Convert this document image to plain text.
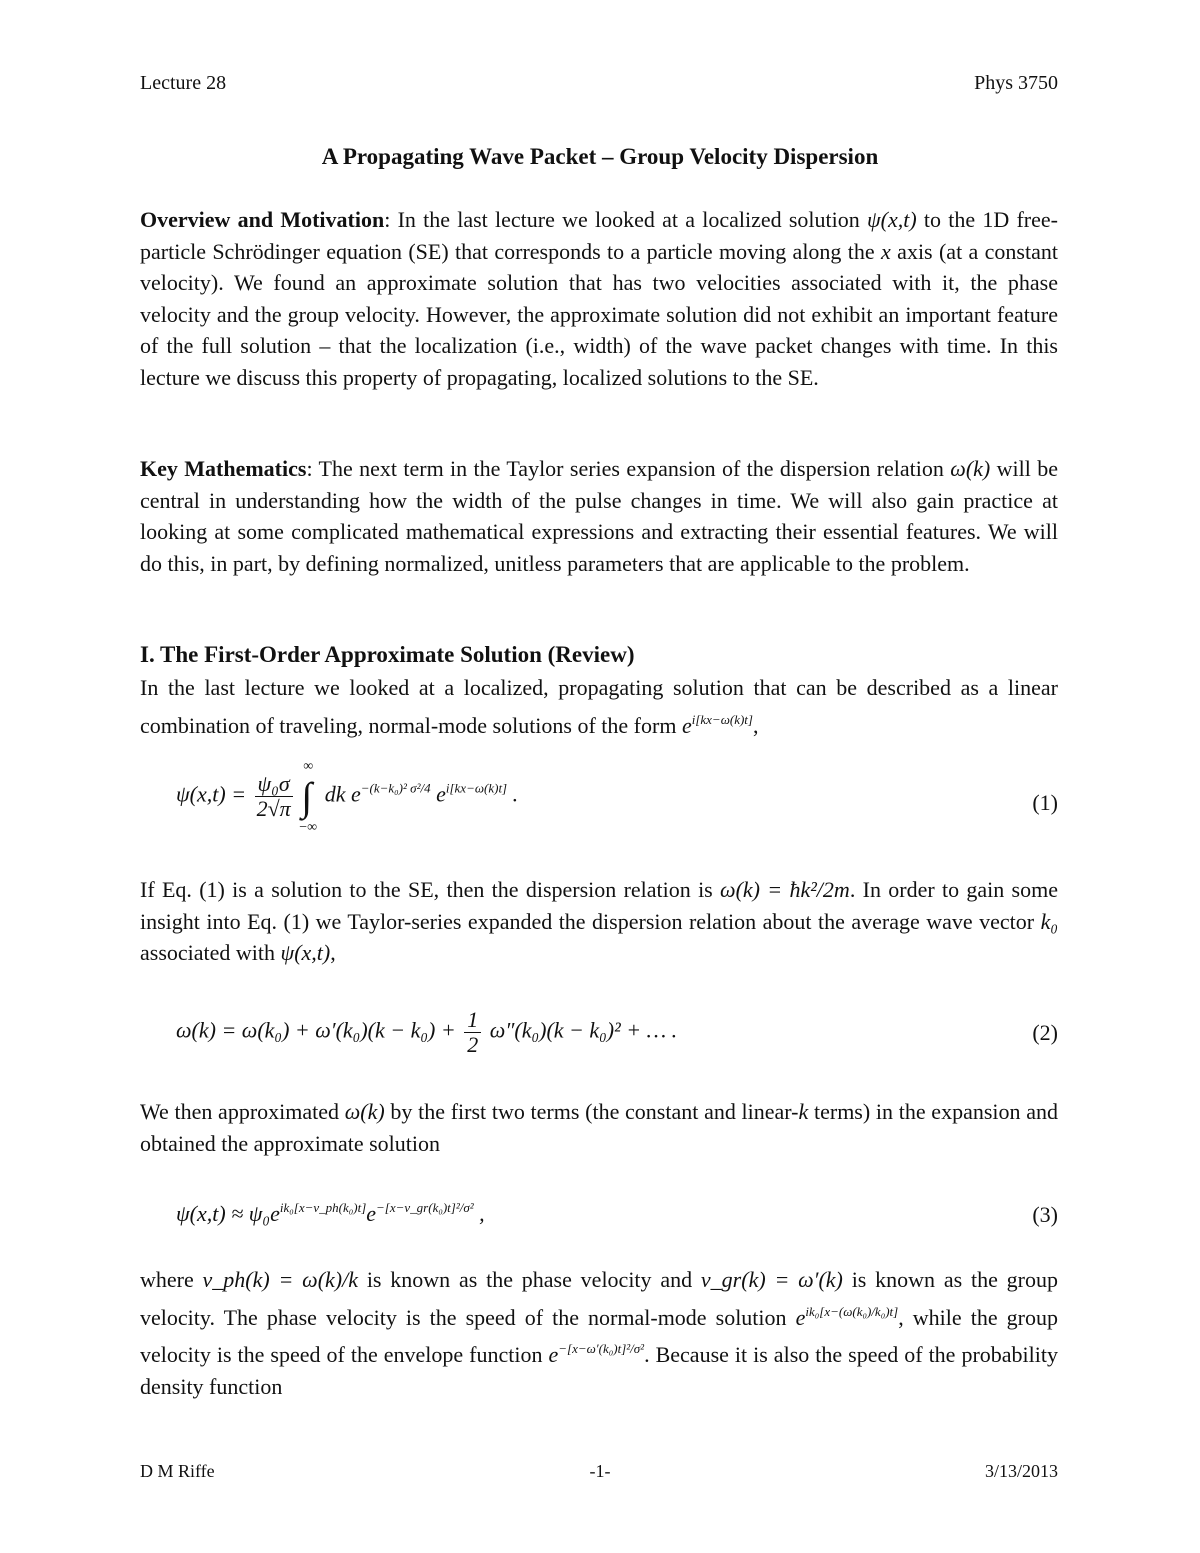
Lecture 28	Phys 3750
A Propagating Wave Packet – Group Velocity Dispersion
Overview and Motivation: In the last lecture we looked at a localized solution ψ(x,t) to the 1D free-particle Schrödinger equation (SE) that corresponds to a particle moving along the x axis (at a constant velocity). We found an approximate solution that has two velocities associated with it, the phase velocity and the group velocity. However, the approximate solution did not exhibit an important feature of the full solution – that the localization (i.e., width) of the wave packet changes with time. In this lecture we discuss this property of propagating, localized solutions to the SE.
Key Mathematics: The next term in the Taylor series expansion of the dispersion relation ω(k) will be central in understanding how the width of the pulse changes in time. We will also gain practice at looking at some complicated mathematical expressions and extracting their essential features. We will do this, in part, by defining normalized, unitless parameters that are applicable to the problem.
I. The First-Order Approximate Solution (Review)
In the last lecture we looked at a localized, propagating solution that can be described as a linear combination of traveling, normal-mode solutions of the form $e^{i[kx-\omega(k)t]}$,
$\psi(x,t) = \frac{\text{ψ₀σ}}{2√\pi}$ ∫
∞
−∞
dk $e^{-(k-k_0)^2 \sigma^2/4}$ $e^{i[kx-\omega(k)t]}$ .	(1)
If Eq. (1) is a solution to the SE, then the dispersion relation is ω(k) = ħk²/2m. In order to gain some insight into Eq. (1) we Taylor-series expanded the dispersion relation about the average wave vector k₀ associated with ψ(x,t),
$\omega(k) = \omega(k_0) + \omega'(k_0)(k - k_0) + \frac{1}{2} \omega''(k_0)(k - k_0)^2$ + … .	(2)
We then approximated ω(k) by the first two terms (the constant and linear-k terms) in the expansion and obtained the approximate solution
$\psi(x,t) \approx \psi_0e^{ik_0[x-v\_ph(k_0)t]}e^{-[x-v\_gr(k_0)t]^2/\sigma^2}$ ,	(3)
where v_ph(k) = ω(k)/k is known as the phase velocity and v_gr(k) = ω′(k) is known as the group velocity. The phase velocity is the speed of the normal-mode solution $e^{ik_0[x-(\omega(k_0)/k_0)t]}$, while the group velocity is the speed of the envelope function $e^{-[x-\omega'(k_0)t]^2/\sigma^2}$. Because it is also the speed of the probability density function
D M Riffe	-1-	3/13/2013
